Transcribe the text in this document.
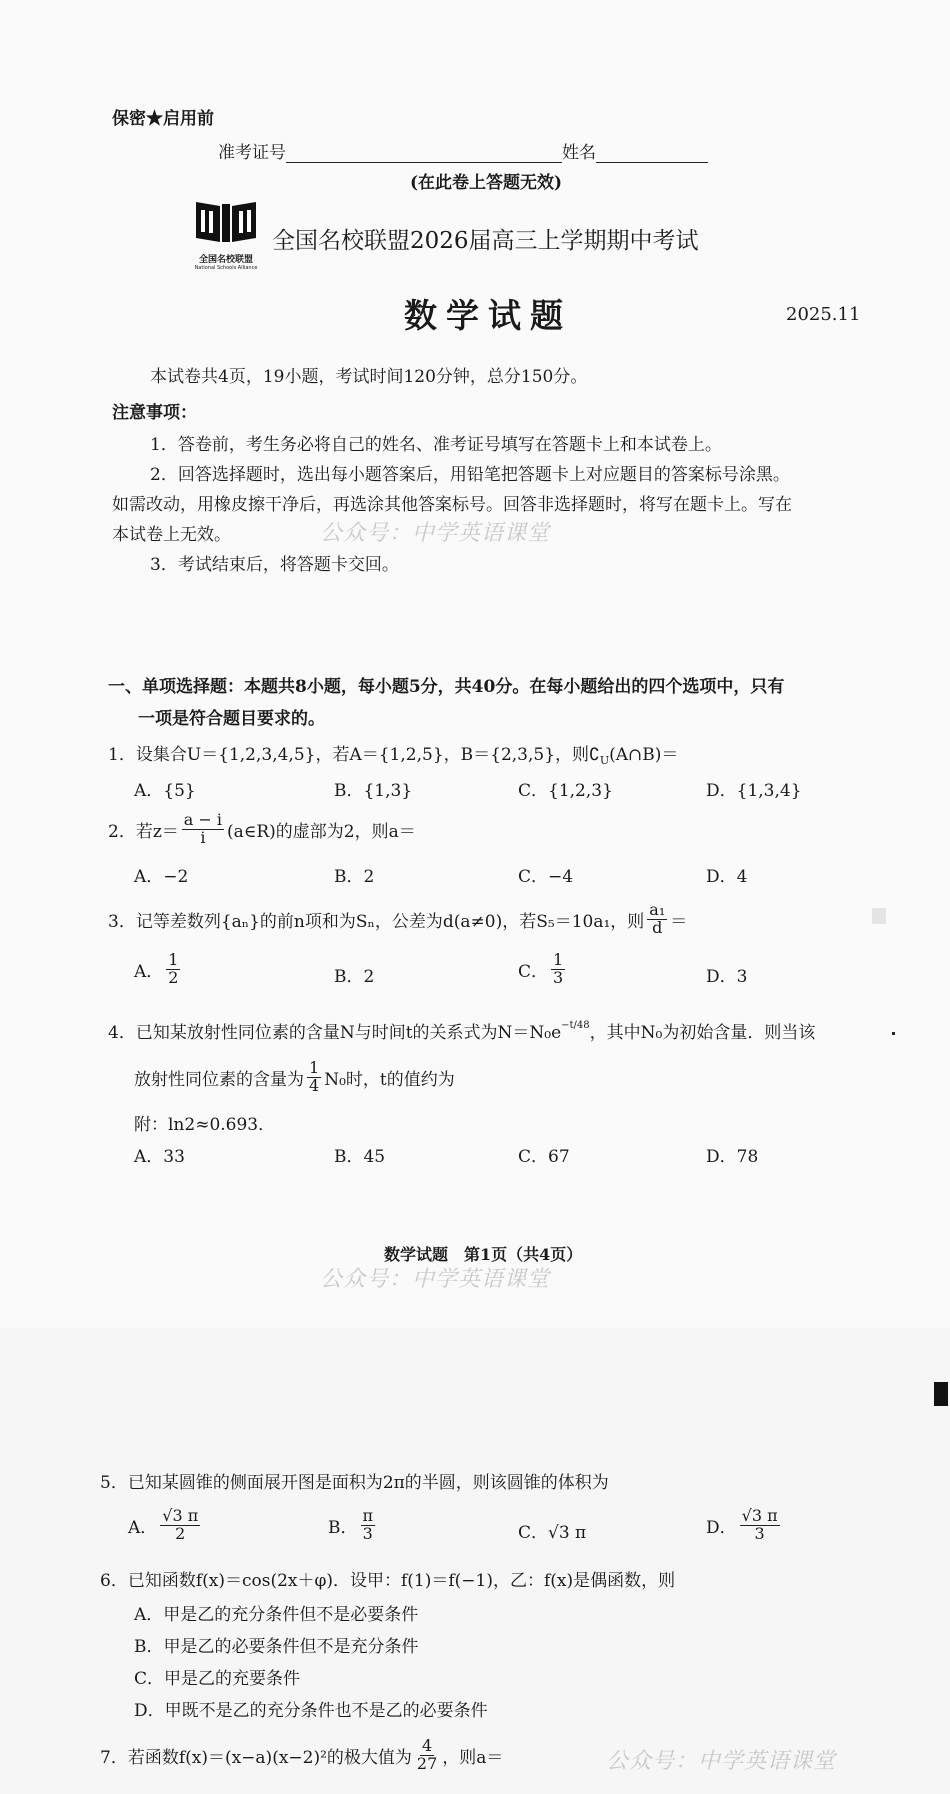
保密★启用前
准考证号	姓名
(在此卷上答题无效)
全国名校联盟
National Schools Alliance
全国名校联盟2026届高三上学期期中考试
数学试题	2025.11
本试卷共4页，19小题，考试时间120分钟，总分150分。
注意事项：
1．答卷前，考生务必将自己的姓名、准考证号填写在答题卡上和本试卷上。
2．回答选择题时，选出每小题答案后，用铅笔把答题卡上对应题目的答案标号涂黑。
如需改动，用橡皮擦干净后，再选涂其他答案标号。回答非选择题时，将写在题卡上。写在
本试卷上无效。	公众号：中学英语课堂
3．考试结束后，将答题卡交回。
一、单项选择题：本题共8小题，每小题5分，共40分。在每小题给出的四个选项中，只有
一项是符合题目要求的。
1．设集合U＝{1,2,3,4,5}，若A＝{1,2,5}，B＝{2,3,5}，则$∁_U(A\cap B)=$
A．{5}	B．{1,3}	C．{1,2,3}	D．{1,3,4}
2．若$z= \frac{a - i}{i}$ (a∈R)的虚部为2，则a＝
A．−2	B．2	C．−4	D．4
3．记等差数列{aₙ}的前n项和为Sₙ，公差为d(a≠0)，若S₅＝10a₁，则 $\frac{\text{a₁}}{d}$ ＝
A． $\frac{1}{2}$	B．2	C． $\frac{1}{3}$	D．3
4．已知某放射性同位素的含量N与时间t的关系式为$N=N_0e^{-t/48}$，其中N₀为初始含量．则当该
放射性同位素的含量为 $\frac{1}{4} N_0$时，t的值约为
附：ln2≈0.693．
A．33	B．45	C．67	D．78
数学试题　第1页（共4页）
公众号：中学英语课堂
5．已知某圆锥的侧面展开图是面积为2π的半圆，则该圆锥的体积为
A． $\frac{√3 \pi}{2}$	B． $\frac{\pi}{3}$	C．√3 π	D． $\frac{√3 \pi}{3}$
6．已知函数f(x)＝cos(2x＋φ)．设甲：f(1)＝f(−1)，乙：f(x)是偶函数，则
A．甲是乙的充分条件但不是必要条件
B．甲是乙的必要条件但不是充分条件
C．甲是乙的充要条件
D．甲既不是乙的充分条件也不是乙的必要条件
7．若函数f(x)＝(x−a)(x−2)²的极大值为 $\frac{4}{27}$ ，则a＝	公众号：中学英语课堂
